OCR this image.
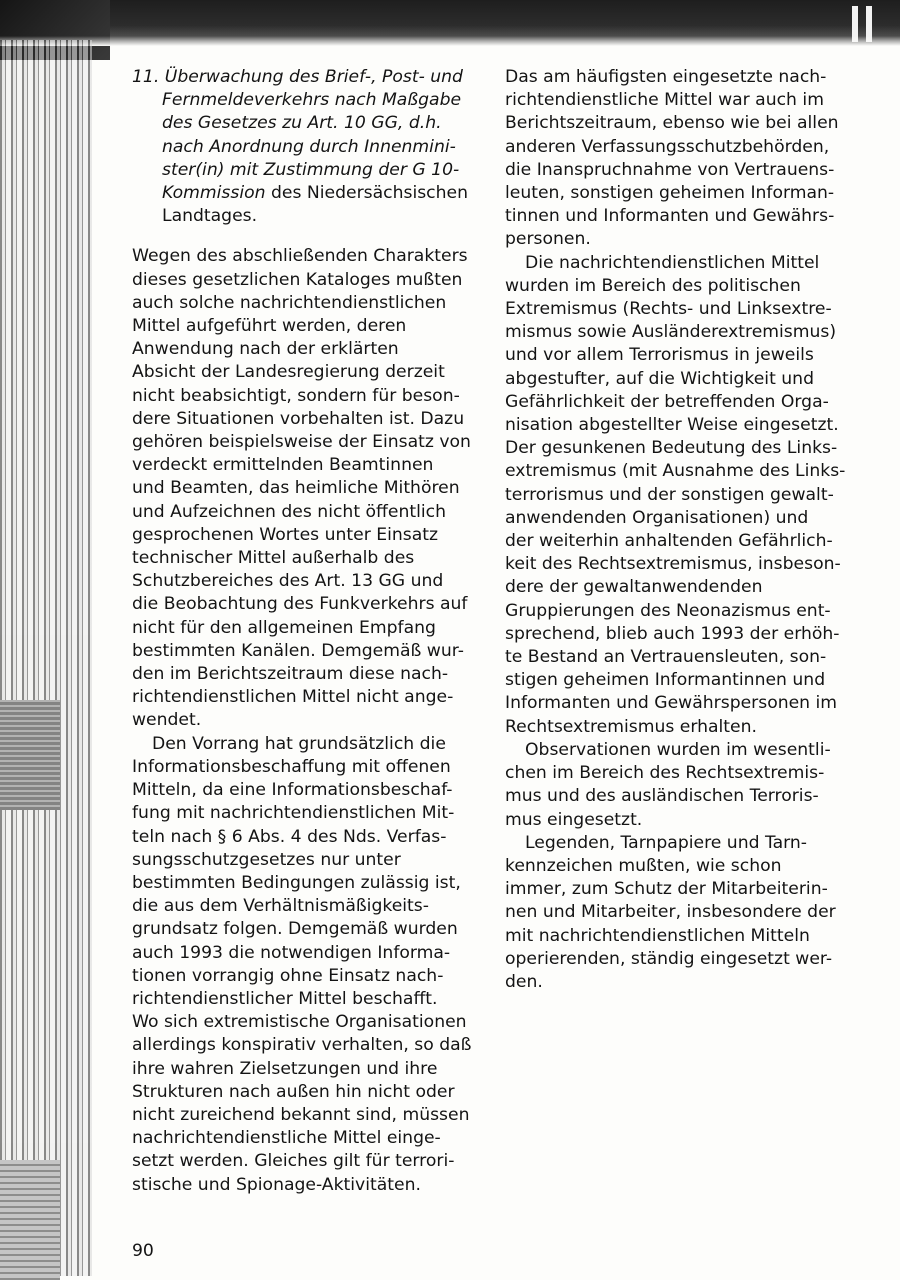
11. Überwachung des Brief-, Post- und
Fernmeldeverkehrs nach Maßgabe
des Gesetzes zu Art. 10 GG, d.h.
nach Anordnung durch Innenmini-
ster(in) mit Zustimmung der G 10-
Kommission des Niedersächsischen
Landtages.
Wegen des abschließenden Charakters
dieses gesetzlichen Kataloges mußten
auch solche nachrichtendienstlichen
Mittel aufgeführt werden, deren
Anwendung nach der erklärten
Absicht der Landesregierung derzeit
nicht beabsichtigt, sondern für beson-
dere Situationen vorbehalten ist. Dazu
gehören beispielsweise der Einsatz von
verdeckt ermittelnden Beamtinnen
und Beamten, das heimliche Mithören
und Aufzeichnen des nicht öffentlich
gesprochenen Wortes unter Einsatz
technischer Mittel außerhalb des
Schutzbereiches des Art. 13 GG und
die Beobachtung des Funkverkehrs auf
nicht für den allgemeinen Empfang
bestimmten Kanälen. Demgemäß wur-
den im Berichtszeitraum diese nach-
richtendienstlichen Mittel nicht ange-
wendet.
Den Vorrang hat grundsätzlich die
Informationsbeschaffung mit offenen
Mitteln, da eine Informationsbeschaf-
fung mit nachrichtendienstlichen Mit-
teln nach § 6 Abs. 4 des Nds. Verfas-
sungsschutzgesetzes nur unter
bestimmten Bedingungen zulässig ist,
die aus dem Verhältnismäßigkeits-
grundsatz folgen. Demgemäß wurden
auch 1993 die notwendigen Informa-
tionen vorrangig ohne Einsatz nach-
richtendienstlicher Mittel beschafft.
Wo sich extremistische Organisationen
allerdings konspirativ verhalten, so daß
ihre wahren Zielsetzungen und ihre
Strukturen nach außen hin nicht oder
nicht zureichend bekannt sind, müssen
nachrichtendienstliche Mittel einge-
setzt werden. Gleiches gilt für terrori-
stische und Spionage-Aktivitäten.
Das am häufigsten eingesetzte nach-
richtendienstliche Mittel war auch im
Berichtszeitraum, ebenso wie bei allen
anderen Verfassungsschutzbehörden,
die Inanspruchnahme von Vertrauens-
leuten, sonstigen geheimen Informan-
tinnen und Informanten und Gewährs-
personen.
Die nachrichtendienstlichen Mittel
wurden im Bereich des politischen
Extremismus (Rechts- und Linksextre-
mismus sowie Ausländerextremismus)
und vor allem Terrorismus in jeweils
abgestufter, auf die Wichtigkeit und
Gefährlichkeit der betreffenden Orga-
nisation abgestellter Weise eingesetzt.
Der gesunkenen Bedeutung des Links-
extremismus (mit Ausnahme des Links-
terrorismus und der sonstigen gewalt-
anwendenden Organisationen) und
der weiterhin anhaltenden Gefährlich-
keit des Rechtsextremismus, insbeson-
dere der gewaltanwendenden
Gruppierungen des Neonazismus ent-
sprechend, blieb auch 1993 der erhöh-
te Bestand an Vertrauensleuten, son-
stigen geheimen Informantinnen und
Informanten und Gewährspersonen im
Rechtsextremismus erhalten.
Observationen wurden im wesentli-
chen im Bereich des Rechtsextremis-
mus und des ausländischen Terroris-
mus eingesetzt.
Legenden, Tarnpapiere und Tarn-
kennzeichen mußten, wie schon
immer, zum Schutz der Mitarbeiterin-
nen und Mitarbeiter, insbesondere der
mit nachrichtendienstlichen Mitteln
operierenden, ständig eingesetzt wer-
den.
90
